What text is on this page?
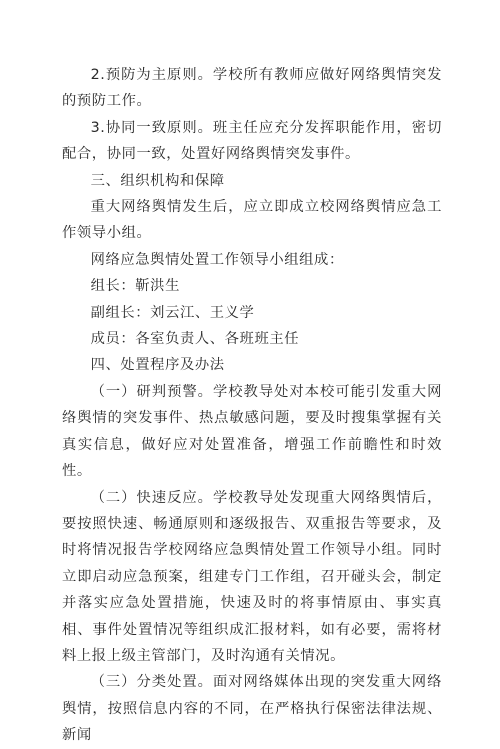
2.预防为主原则。学校所有教师应做好网络舆情突发的预防工作。

3.协同一致原则。班主任应充分发挥职能作用，密切配合，协同一致，处置好网络舆情突发事件。

三、组织机构和保障

重大网络舆情发生后，应立即成立校网络舆情应急工作领导小组。

网络应急舆情处置工作领导小组组成：

组长：靳洪生

副组长：刘云江、王义学

成员：各室负责人、各班班主任

四、处置程序及办法

（一）研判预警。学校教导处对本校可能引发重大网络舆情的突发事件、热点敏感问题，要及时搜集掌握有关真实信息，做好应对处置准备，增强工作前瞻性和时效性。

（二）快速反应。学校教导处发现重大网络舆情后，要按照快速、畅通原则和逐级报告、双重报告等要求，及时将情况报告学校网络应急舆情处置工作领导小组。同时立即启动应急预案，组建专门工作组，召开碰头会，制定并落实应急处置措施，快速及时的将事情原由、事实真相、事件处置情况等组织成汇报材料，如有必要，需将材料上报上级主管部门，及时沟通有关情况。

（三）分类处置。面对网络媒体出现的突发重大网络舆情，按照信息内容的不同，在严格执行保密法律法规、新闻
